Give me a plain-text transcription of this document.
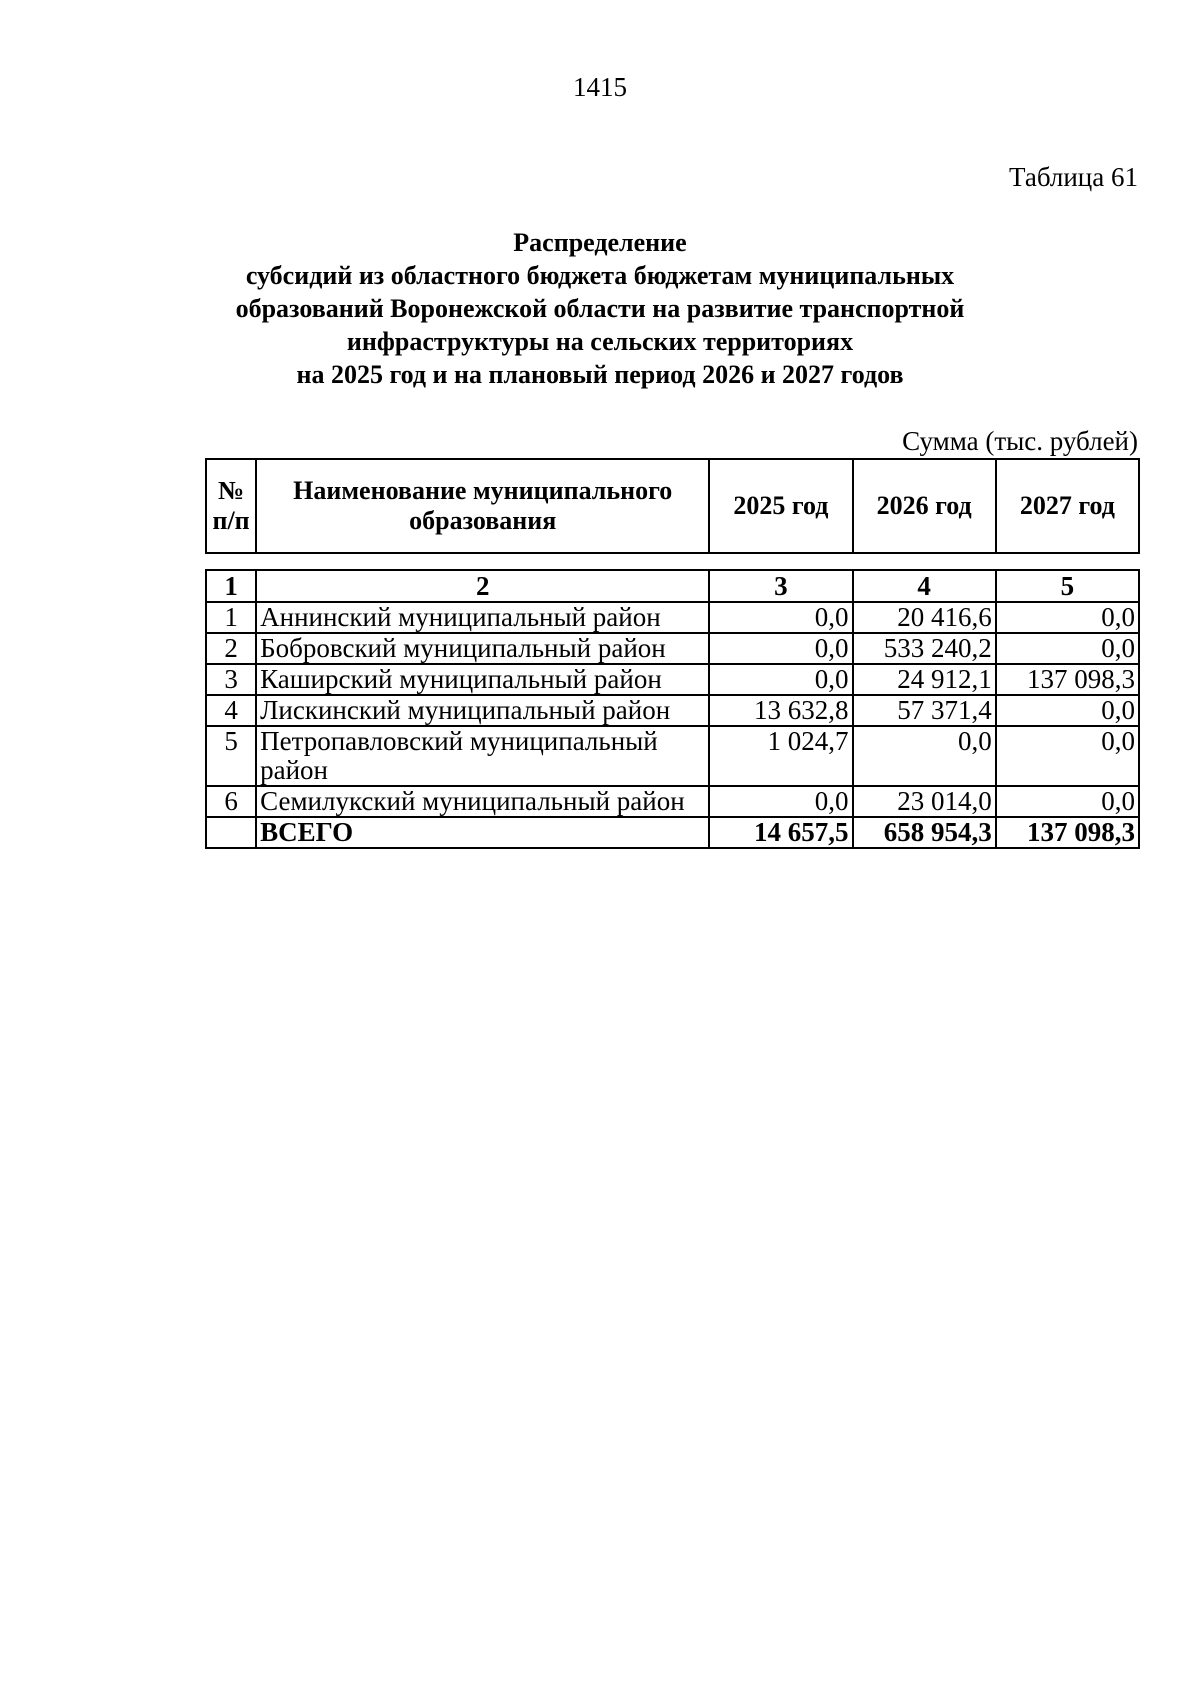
1415
Таблица 61
Распределение
субсидий из областного бюджета бюджетам муниципальных
образований Воронежской области на развитие транспортной
инфраструктуры на сельских территориях
на 2025 год и на плановый период 2026 и 2027 годов
Сумма (тыс. рублей)
№ п/п	Наименование муниципального образования	2025 год	2026 год	2027 год
1	2	3	4	5
1	Аннинский муниципальный район	0,0	20 416,6	0,0
2	Бобровский муниципальный район	0,0	533 240,2	0,0
3	Каширский муниципальный район	0,0	24 912,1	137 098,3
4	Лискинский муниципальный район	13 632,8	57 371,4	0,0
5	Петропавловский муниципальный район	1 024,7	0,0	0,0
6	Семилукский муниципальный район	0,0	23 014,0	0,0
	ВСЕГО	14 657,5	658 954,3	137 098,3
